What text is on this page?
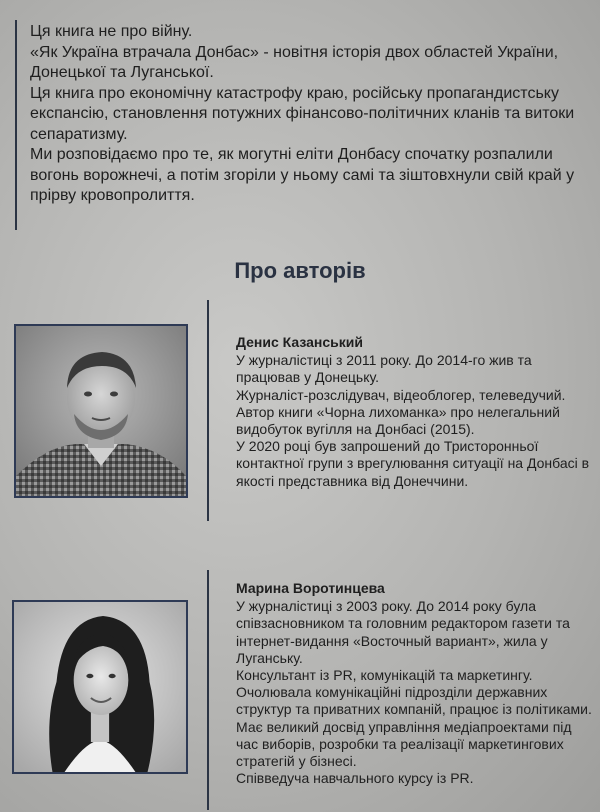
Ця книга не про війну.

«Як Україна втрачала Донбас» - новітня історія двох областей України, Донецької та Луганської.

Ця книга про економічну катастрофу краю, російську пропагандистську експансію, становлення потужних фінансово-політичних кланів та витоки сепаратизму.

Ми розповідаємо про те, як могутні еліти Донбасу спочатку розпалили вогонь ворожнечі, а потім згоріли у ньому самі та зіштовхнули свій край у прірву кровопролиття.

Про авторів
Денис Казанський

У журналістиці з 2011 року. До 2014-го жив та працював у Донецьку.

Журналіст-розслідувач, відеоблогер, телеведучий.

Автор книги «Чорна лихоманка» про нелегальний видобуток вугілля на Донбасі (2015).

У 2020 році був запрошений до Тристоронньої контактної групи з врегулювання ситуації на Донбасі в якості представника від Донеччини.

Марина Воротинцева

У журналістиці з 2003 року. До 2014 року була співзасновником та головним редактором газети та інтернет-видання «Восточный вариант», жила у Луганську.

Консультант із PR, комунікацій та маркетингу.

Очолювала комунікаційні підрозділи державних структур та приватних компаній, працює із політиками. Має великий досвід управління медіапроектами під час виборів, розробки та реалізації маркетингових стратегій у бізнесі.

Співведуча навчального курсу із PR.
